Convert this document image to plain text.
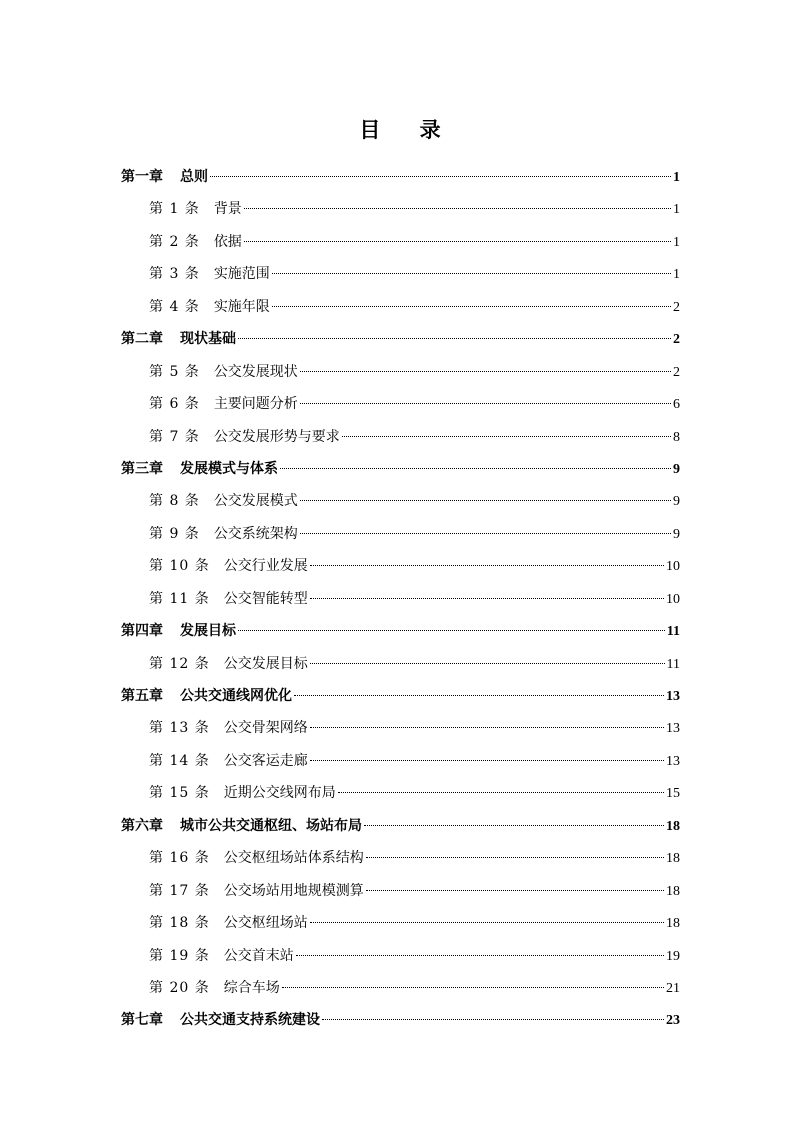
目 录
第一章 总则	1
第 1 条 背景	1
第 2 条 依据	1
第 3 条 实施范围	1
第 4 条 实施年限	2
第二章 现状基础	2
第 5 条 公交发展现状	2
第 6 条 主要问题分析	6
第 7 条 公交发展形势与要求	8
第三章 发展模式与体系	9
第 8 条 公交发展模式	9
第 9 条 公交系统架构	9
第 10 条 公交行业发展	10
第 11 条 公交智能转型	10
第四章 发展目标	11
第 12 条 公交发展目标	11
第五章 公共交通线网优化	13
第 13 条 公交骨架网络	13
第 14 条 公交客运走廊	13
第 15 条 近期公交线网布局	15
第六章 城市公共交通枢纽、场站布局	18
第 16 条 公交枢纽场站体系结构	18
第 17 条 公交场站用地规模测算	18
第 18 条 公交枢纽场站	18
第 19 条 公交首末站	19
第 20 条 综合车场	21
第七章 公共交通支持系统建设	23
